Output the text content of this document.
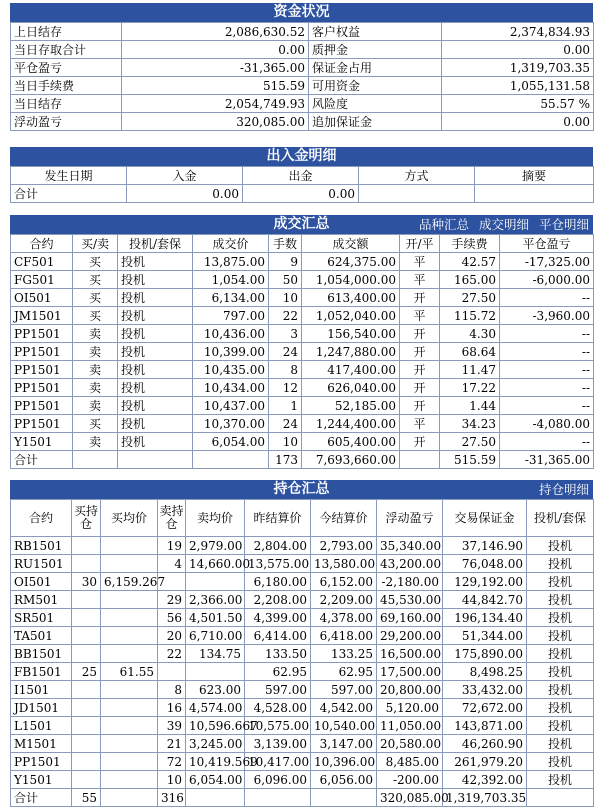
资金状况
上日结存	2,086,630.52	客户权益	2,374,834.93
当日存取合计	0.00	质押金	0.00
平仓盈亏	-31,365.00	保证金占用	1,319,703.35
当日手续费	515.59	可用资金	1,055,131.58
当日结存	2,054,749.93	风险度	55.57 %
浮动盈亏	320,085.00	追加保证金	0.00
出入金明细
发生日期	入金	出金	方式	摘要
合计	0.00	0.00		
成交汇总	品种汇总 成交明细 平仓明细
合约	买/卖	投机/套保	成交价	手数	成交额	开/平	手续费	平仓盈亏
CF501	买	投机	13,875.00	9	624,375.00	平	42.57	-17,325.00
FG501	买	投机	1,054.00	50	1,054,000.00	平	165.00	-6,000.00
OI501	买	投机	6,134.00	10	613,400.00	开	27.50	--
JM1501	买	投机	797.00	22	1,052,040.00	平	115.72	-3,960.00
PP1501	卖	投机	10,436.00	3	156,540.00	开	4.30	--
PP1501	卖	投机	10,399.00	24	1,247,880.00	开	68.64	--
PP1501	卖	投机	10,435.00	8	417,400.00	开	11.47	--
PP1501	卖	投机	10,434.00	12	626,040.00	开	17.22	--
PP1501	卖	投机	10,437.00	1	52,185.00	开	1.44	--
PP1501	买	投机	10,370.00	24	1,244,400.00	平	34.23	-4,080.00
Y1501	卖	投机	6,054.00	10	605,400.00	开	27.50	--
合计				173	7,693,660.00		515.59	-31,365.00
持仓汇总	持仓明细
合约	买持仓	买均价	卖持仓	卖均价	昨结算价	今结算价	浮动盈亏	交易保证金	投机/套保
RB1501			19	2,979.00	2,804.00	2,793.00	35,340.00	37,146.90	投机
RU1501			4	14,660.00	13,575.00	13,580.00	43,200.00	76,048.00	投机
OI501	30	6,159.267			6,180.00	6,152.00	-2,180.00	129,192.00	投机
RM501			29	2,366.00	2,208.00	2,209.00	45,530.00	44,842.70	投机
SR501			56	4,501.50	4,399.00	4,378.00	69,160.00	196,134.40	投机
TA501			20	6,710.00	6,414.00	6,418.00	29,200.00	51,344.00	投机
BB1501			22	134.75	133.50	133.25	16,500.00	175,890.00	投机
FB1501	25	61.55			62.95	62.95	17,500.00	8,498.25	投机
I1501			8	623.00	597.00	597.00	20,800.00	33,432.00	投机
JD1501			16	4,574.00	4,528.00	4,542.00	5,120.00	72,672.00	投机
L1501			39	10,596.667	10,575.00	10,540.00	11,050.00	143,871.00	投机
M1501			21	3,245.00	3,139.00	3,147.00	20,580.00	46,260.90	投机
PP1501			72	10,419.569	10,417.00	10,396.00	8,485.00	261,979.20	投机
Y1501			10	6,054.00	6,096.00	6,056.00	-200.00	42,392.00	投机
合计	55		316				320,085.00	1,319,703.35	
